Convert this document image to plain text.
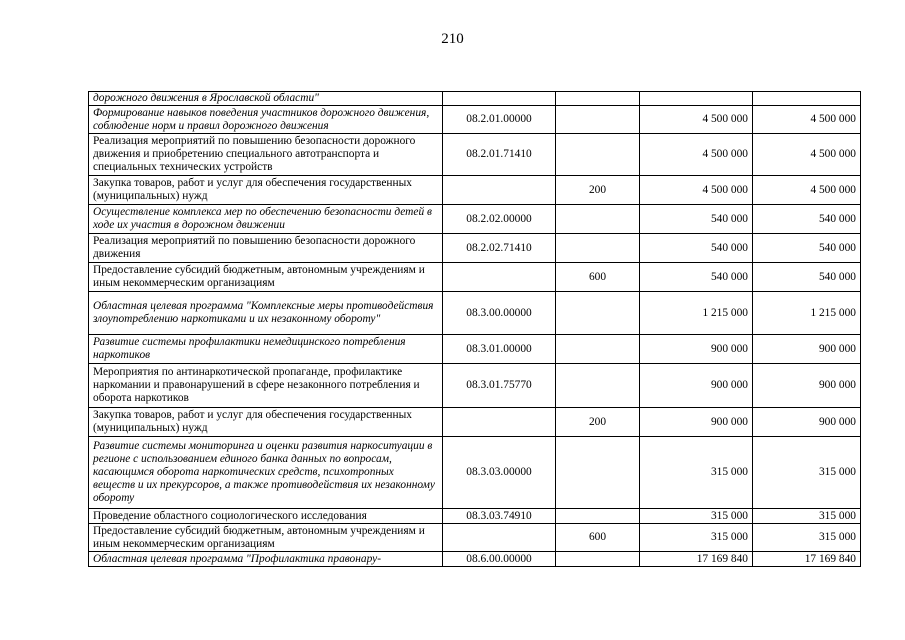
210
дорожного движения в Ярославской области"				
Формирование навыков поведения участников дорожного движения, соблюдение норм и правил дорожного движения	08.2.01.00000		4 500 000	4 500 000
Реализация мероприятий по повышению безопасности дорожного движения и приобретению специального автотранспорта и специальных технических устройств	08.2.01.71410		4 500 000	4 500 000
Закупка товаров, работ и услуг для обеспечения государственных (муниципальных) нужд		200	4 500 000	4 500 000
Осуществление комплекса мер по обеспечению безопасности детей в ходе их участия в дорожном движении	08.2.02.00000		540 000	540 000
Реализация мероприятий по повышению безопасности дорожного движения	08.2.02.71410		540 000	540 000
Предоставление субсидий бюджетным, автономным учреждениям и иным некоммерческим организациям		600	540 000	540 000
Областная целевая программа "Комплексные меры противодействия злоупотреблению наркотиками и их незаконному обороту"	08.3.00.00000		1 215 000	1 215 000
Развитие системы профилактики немедицинского потребления наркотиков	08.3.01.00000		900 000	900 000
Мероприятия по антинаркотической пропаганде, профилактике наркомании и правонарушений в сфере незаконного потребления и оборота наркотиков	08.3.01.75770		900 000	900 000
Закупка товаров, работ и услуг для обеспечения государственных (муниципальных) нужд		200	900 000	900 000
Развитие системы мониторинга и оценки развития наркоситуации в регионе с использованием единого банка данных по вопросам, касающимся оборота наркотических средств, психотропных веществ и их прекурсоров, а также противодействия их незаконному обороту	08.3.03.00000		315 000	315 000
Проведение областного социологического исследования	08.3.03.74910		315 000	315 000
Предоставление субсидий бюджетным, автономным учреждениям и иным некоммерческим организациям		600	315 000	315 000
Областная целевая программа "Профилактика правонару-	08.6.00.00000		17 169 840	17 169 840
